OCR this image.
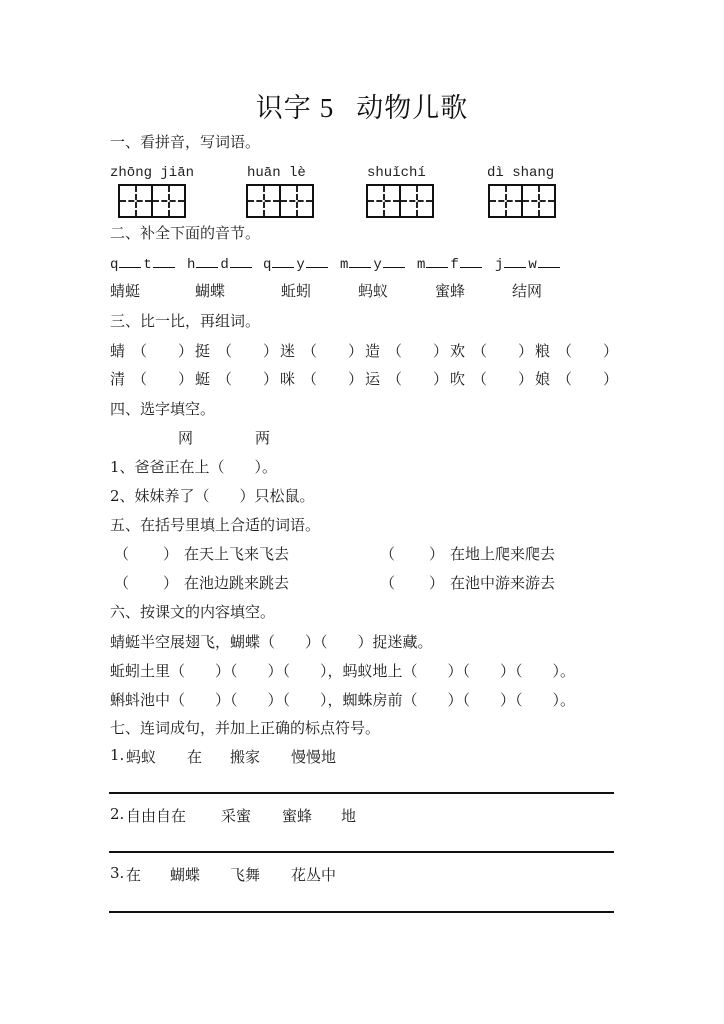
识字 5 动物儿歌
一、看拼音，写词语。
zhōng jiān	huān lè	shuǐchí	dì shang
二、补全下面的音节。
q t	h d	q y	m y	m f	j w
蜻蜓	蝴蝶	蚯蚓	蚂蚁	蜜蜂	结网
三、比一比，再组词。
蜻 （ ） 挺 （ ） 迷 （ ） 造 （ ） 欢 （ ） 粮 （ ）
清 （ ） 蜓 （ ） 咪 （ ） 运 （ ） 吹 （ ） 娘 （ ）
四、选字填空。
网	两
1、爸爸正在上（ ）。
2、妹妹养了（ ）只松鼠。
五、在括号里填上合适的词语。
（ ） 在天上飞来飞去	（ ） 在地上爬来爬去
（ ） 在池边跳来跳去	（ ） 在池中游来游去
六、按课文的内容填空。
蜻蜓半空展翅飞，蝴蝶（　　）（　　）捉迷藏。
蚯蚓土里（　　）（　　）（　　），蚂蚁地上（　　）（　　）（　　）。
蝌蚪池中（　　）（　　）（　　），蜘蛛房前（　　）（　　）（　　）。
七、连词成句，并加上正确的标点符号。
1. 蚂蚁 在 搬家 慢慢地
2. 自由自在 采蜜 蜜蜂 地
3. 在 蝴蝶 飞舞 花丛中
